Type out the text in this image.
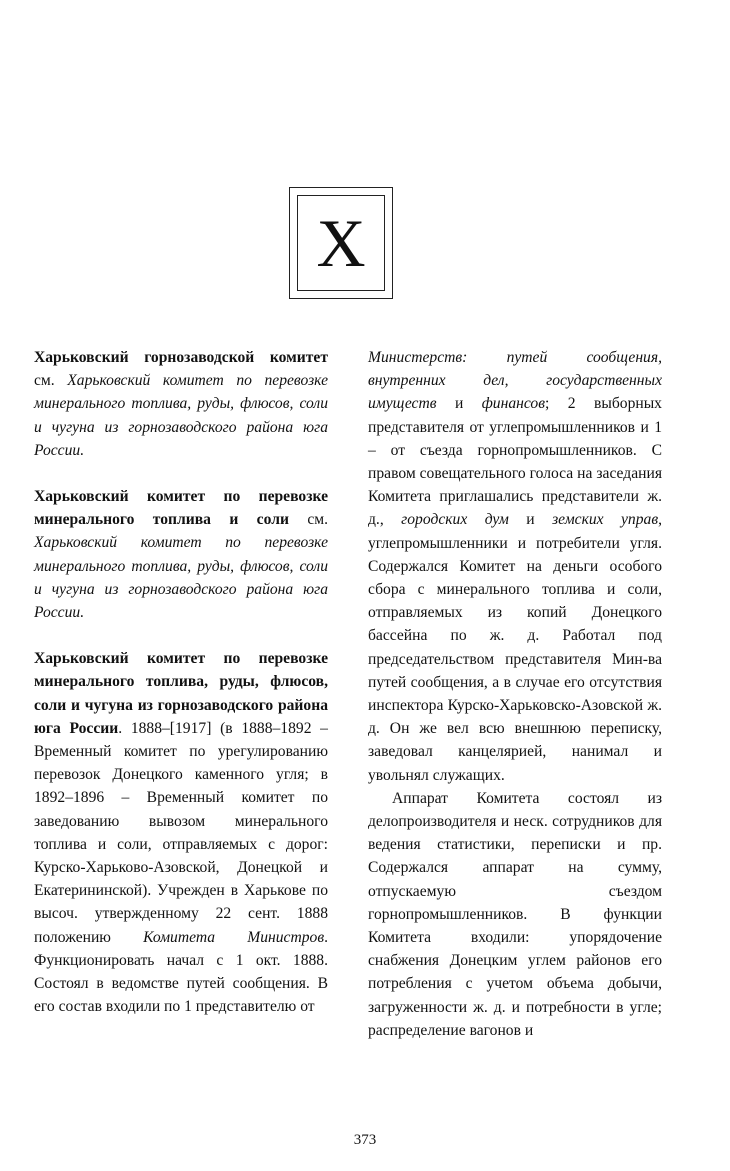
Х

Харьковский горнозаводской комитет см. Харьковский комитет по перевозке минерального топлива, руды, флюсов, соли и чугуна из горнозаводского района юга России.

Харьковский комитет по перевозке минерального топлива и соли см. Харьковский комитет по перевозке минерального топлива, руды, флюсов, соли и чугуна из горнозаводского района юга России.

Харьковский комитет по перевозке минерального топлива, руды, флюсов, соли и чугуна из горнозаводского района юга России. 1888–[1917] (в 1888–1892 – Временный комитет по урегулированию перевозок Донецкого каменного угля; в 1892–1896 – Временный комитет по заведованию вывозом минерального топлива и соли, отправляемых с дорог: Курско-Харьково-Азовской, Донецкой и Екатерининской). Учрежден в Харькове по высоч. утвержденному 22 сент. 1888 положению Комитета Министров. Функционировать начал с 1 окт. 1888. Состоял в ведомстве путей сообщения. В его состав входили по 1 представителю от

Министерств: путей сообщения, внутренних дел, государственных имуществ и финансов; 2 выборных представителя от углепромышленников и 1 – от съезда горнопромышленников. С правом совещательного голоса на заседания Комитета приглашались представители ж. д., городских дум и земских управ, углепромышленники и потребители угля. Содержался Комитет на деньги особого сбора с минерального топлива и соли, отправляемых из копий Донецкого бассейна по ж. д. Работал под председательством представителя Мин-ва путей сообщения, а в случае его отсутствия инспектора Курско-Харьковско-Азовской ж. д. Он же вел всю внешнюю переписку, заведовал канцелярией, нанимал и увольнял служащих.

Аппарат Комитета состоял из делопроизводителя и неск. сотрудников для ведения статистики, переписки и пр. Содержался аппарат на сумму, отпускаемую съездом горнопромышленников. В функции Комитета входили: упорядочение снабжения Донецким углем районов его потребления с учетом объема добычи, загруженности ж. д. и потребности в угле; распределение вагонов и

373
